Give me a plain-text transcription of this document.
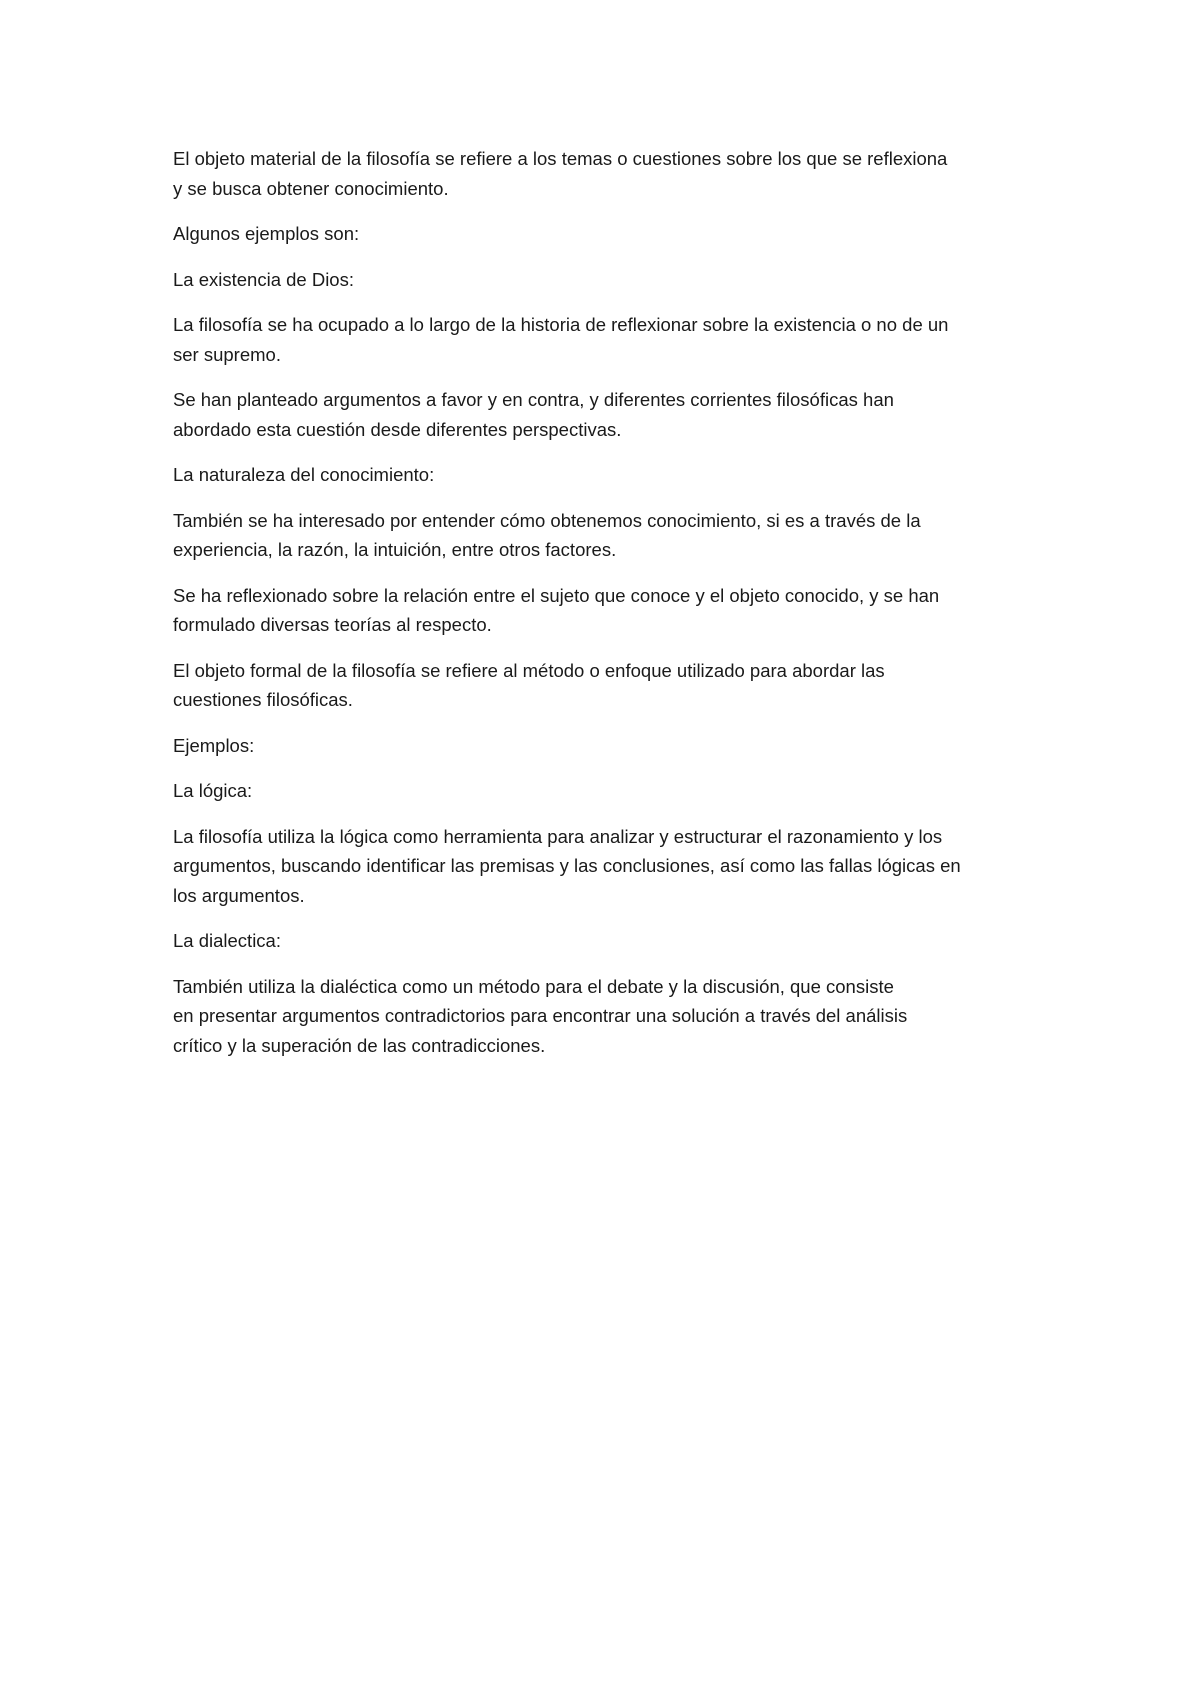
El objeto material de la filosofía se refiere a los temas o cuestiones sobre los que se reflexiona
y se busca obtener conocimiento.

Algunos ejemplos son:

La existencia de Dios:

La filosofía se ha ocupado a lo largo de la historia de reflexionar sobre la existencia o no de un
ser supremo.

Se han planteado argumentos a favor y en contra, y diferentes corrientes filosóficas han
abordado esta cuestión desde diferentes perspectivas.

La naturaleza del conocimiento:

También se ha interesado por entender cómo obtenemos conocimiento, si es a través de la
experiencia, la razón, la intuición, entre otros factores.

Se ha reflexionado sobre la relación entre el sujeto que conoce y el objeto conocido, y se han
formulado diversas teorías al respecto.

El objeto formal de la filosofía se refiere al método o enfoque utilizado para abordar las
cuestiones filosóficas.

Ejemplos:

La lógica:

La filosofía utiliza la lógica como herramienta para analizar y estructurar el razonamiento y los
argumentos, buscando identificar las premisas y las conclusiones, así como las fallas lógicas en
los argumentos.

La dialectica:

También utiliza la dialéctica como un método para el debate y la discusión, que consiste
en presentar argumentos contradictorios para encontrar una solución a través del análisis
crítico y la superación de las contradicciones.
